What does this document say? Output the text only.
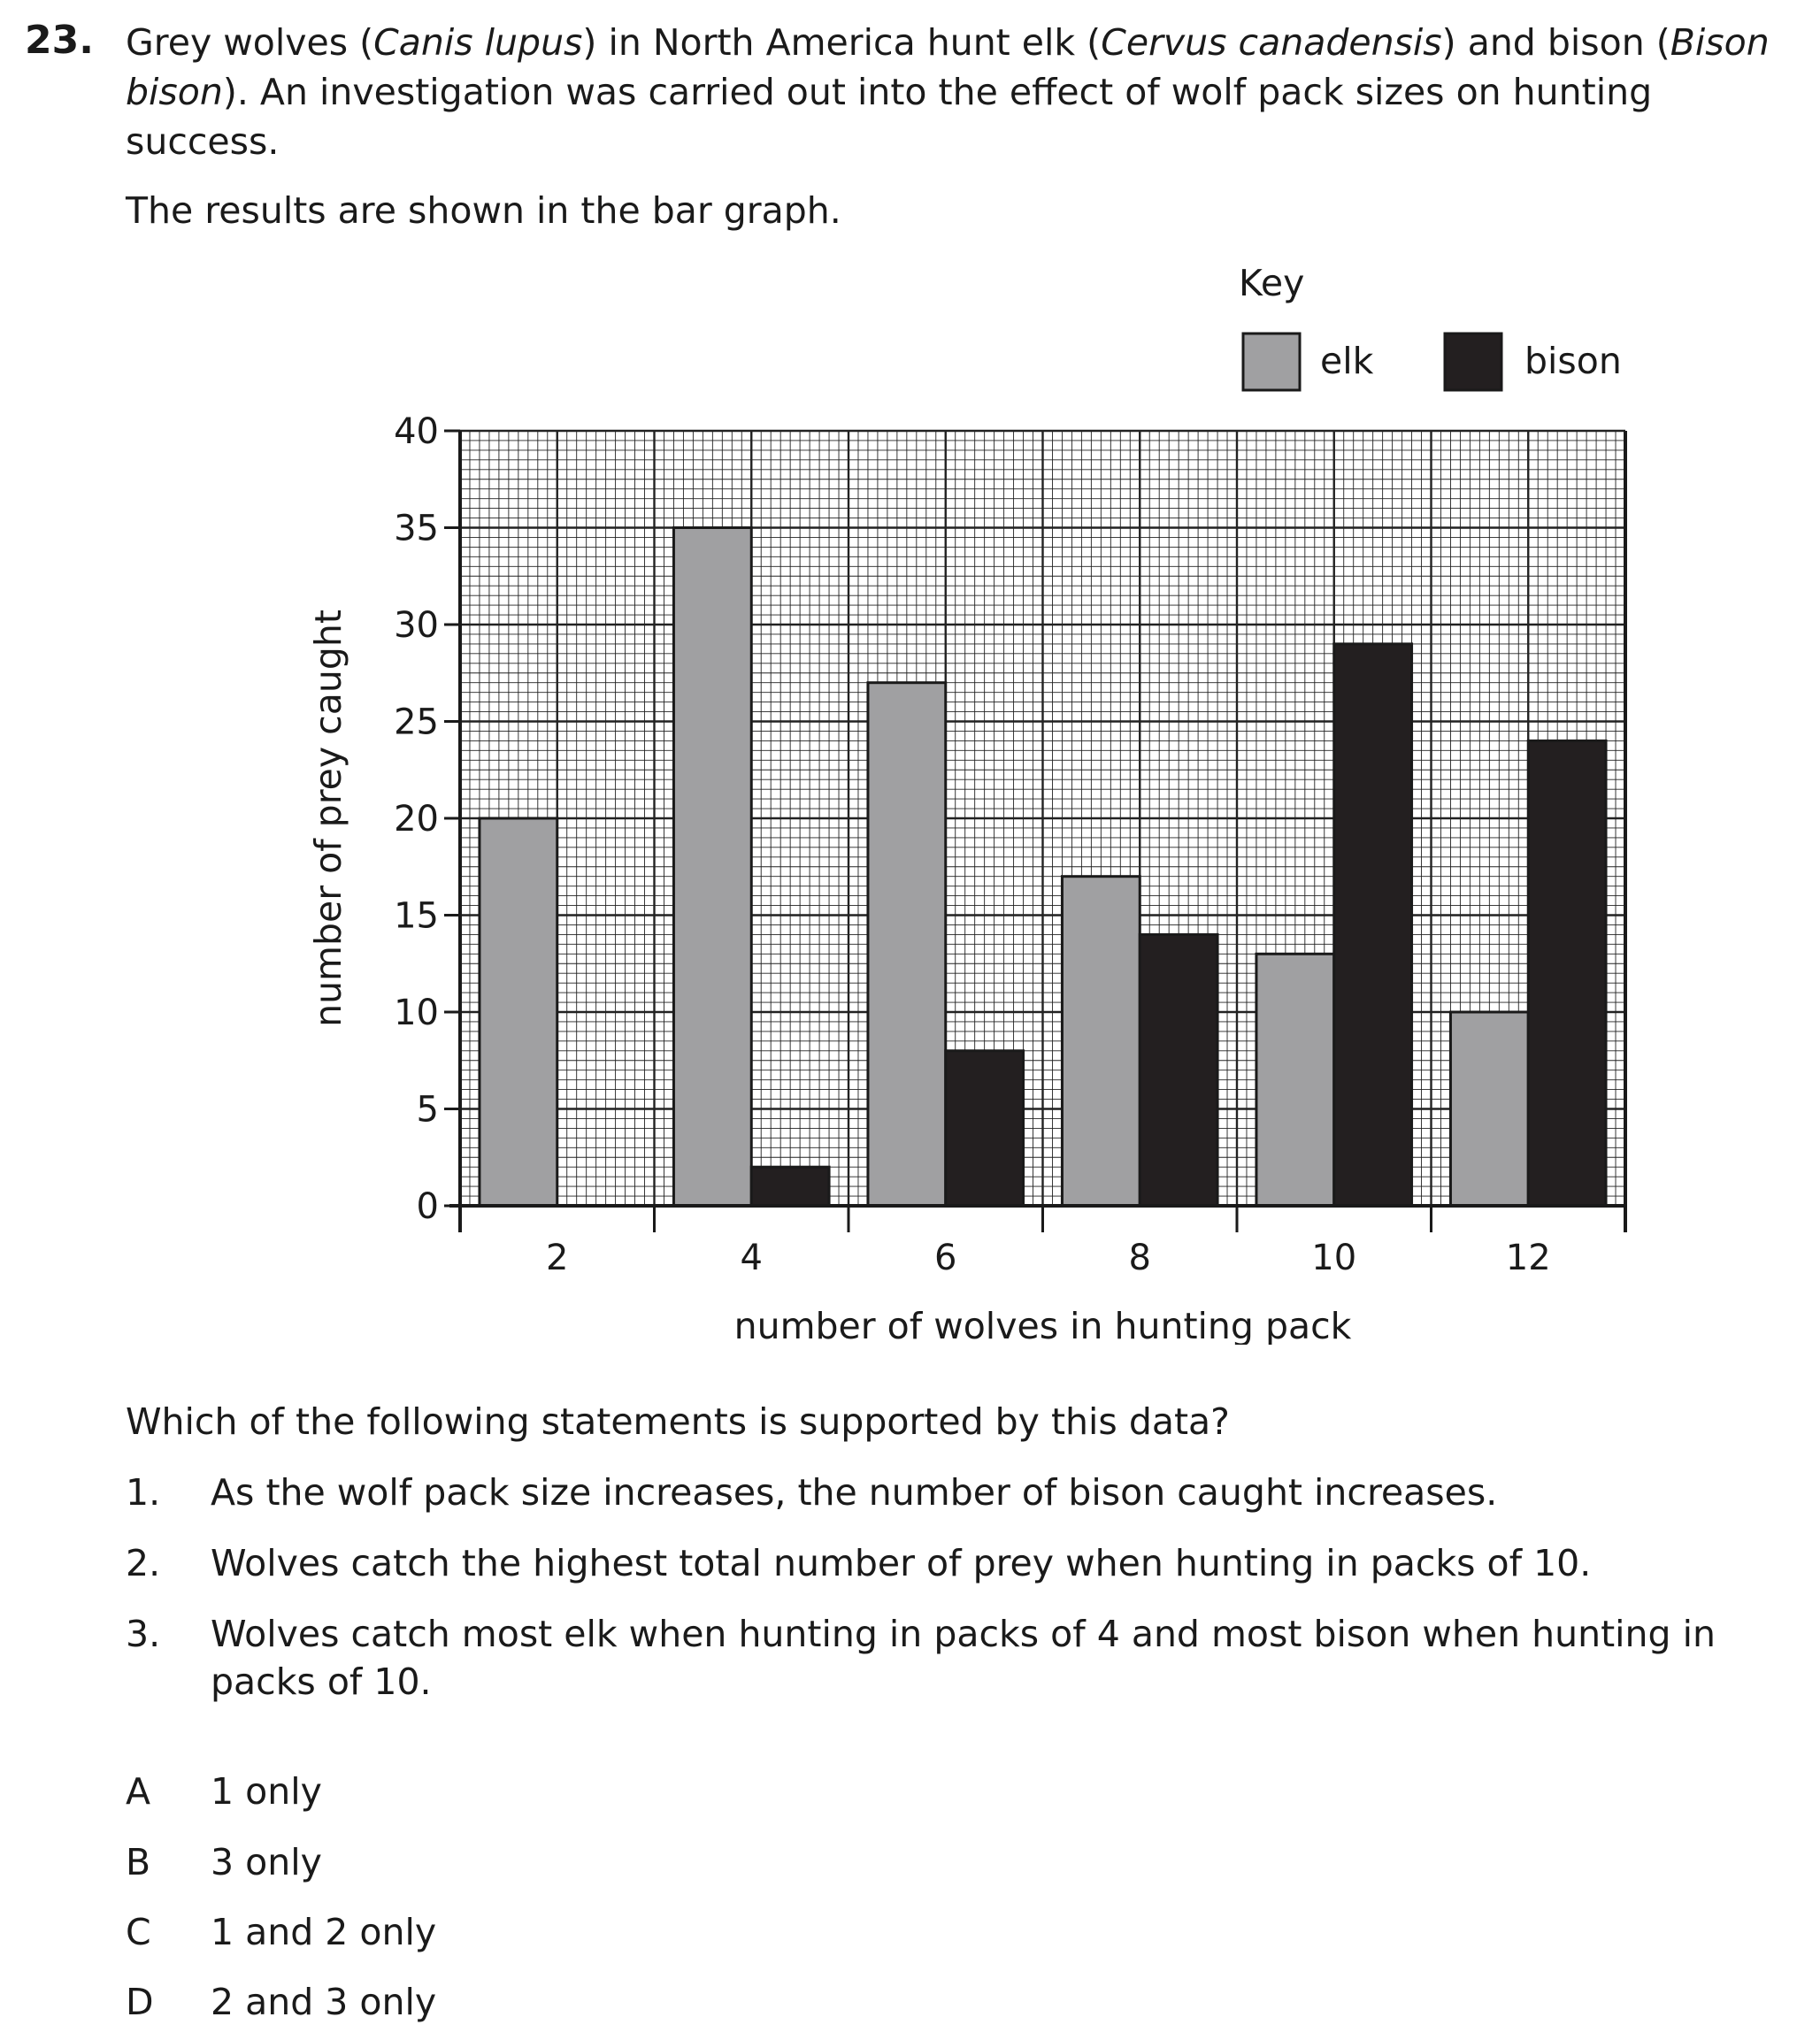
23. Grey wolves (Canis lupus) in North America hunt elk (Cervus canadensis) and bison (Bison

bison). An investigation was carried out into the effect of wolf pack sizes on hunting success.

The results are shown in the bar graph.

0
5
10
15
20
25
30
35
40
2	4	6	8	10	12
number of wolves in hunting pack
number of prey caught
Key
elk	bison
Which of the following statements is supported by this data?
1. As the wolf pack size increases, the number of bison caught increases.
2. Wolves catch the highest total number of prey when hunting in packs of 10.
3. Wolves catch most elk when hunting in packs of 4 and most bison when hunting in packs of 10.
A 1 only
B 3 only
C 1 and 2 only
D 2 and 3 only
